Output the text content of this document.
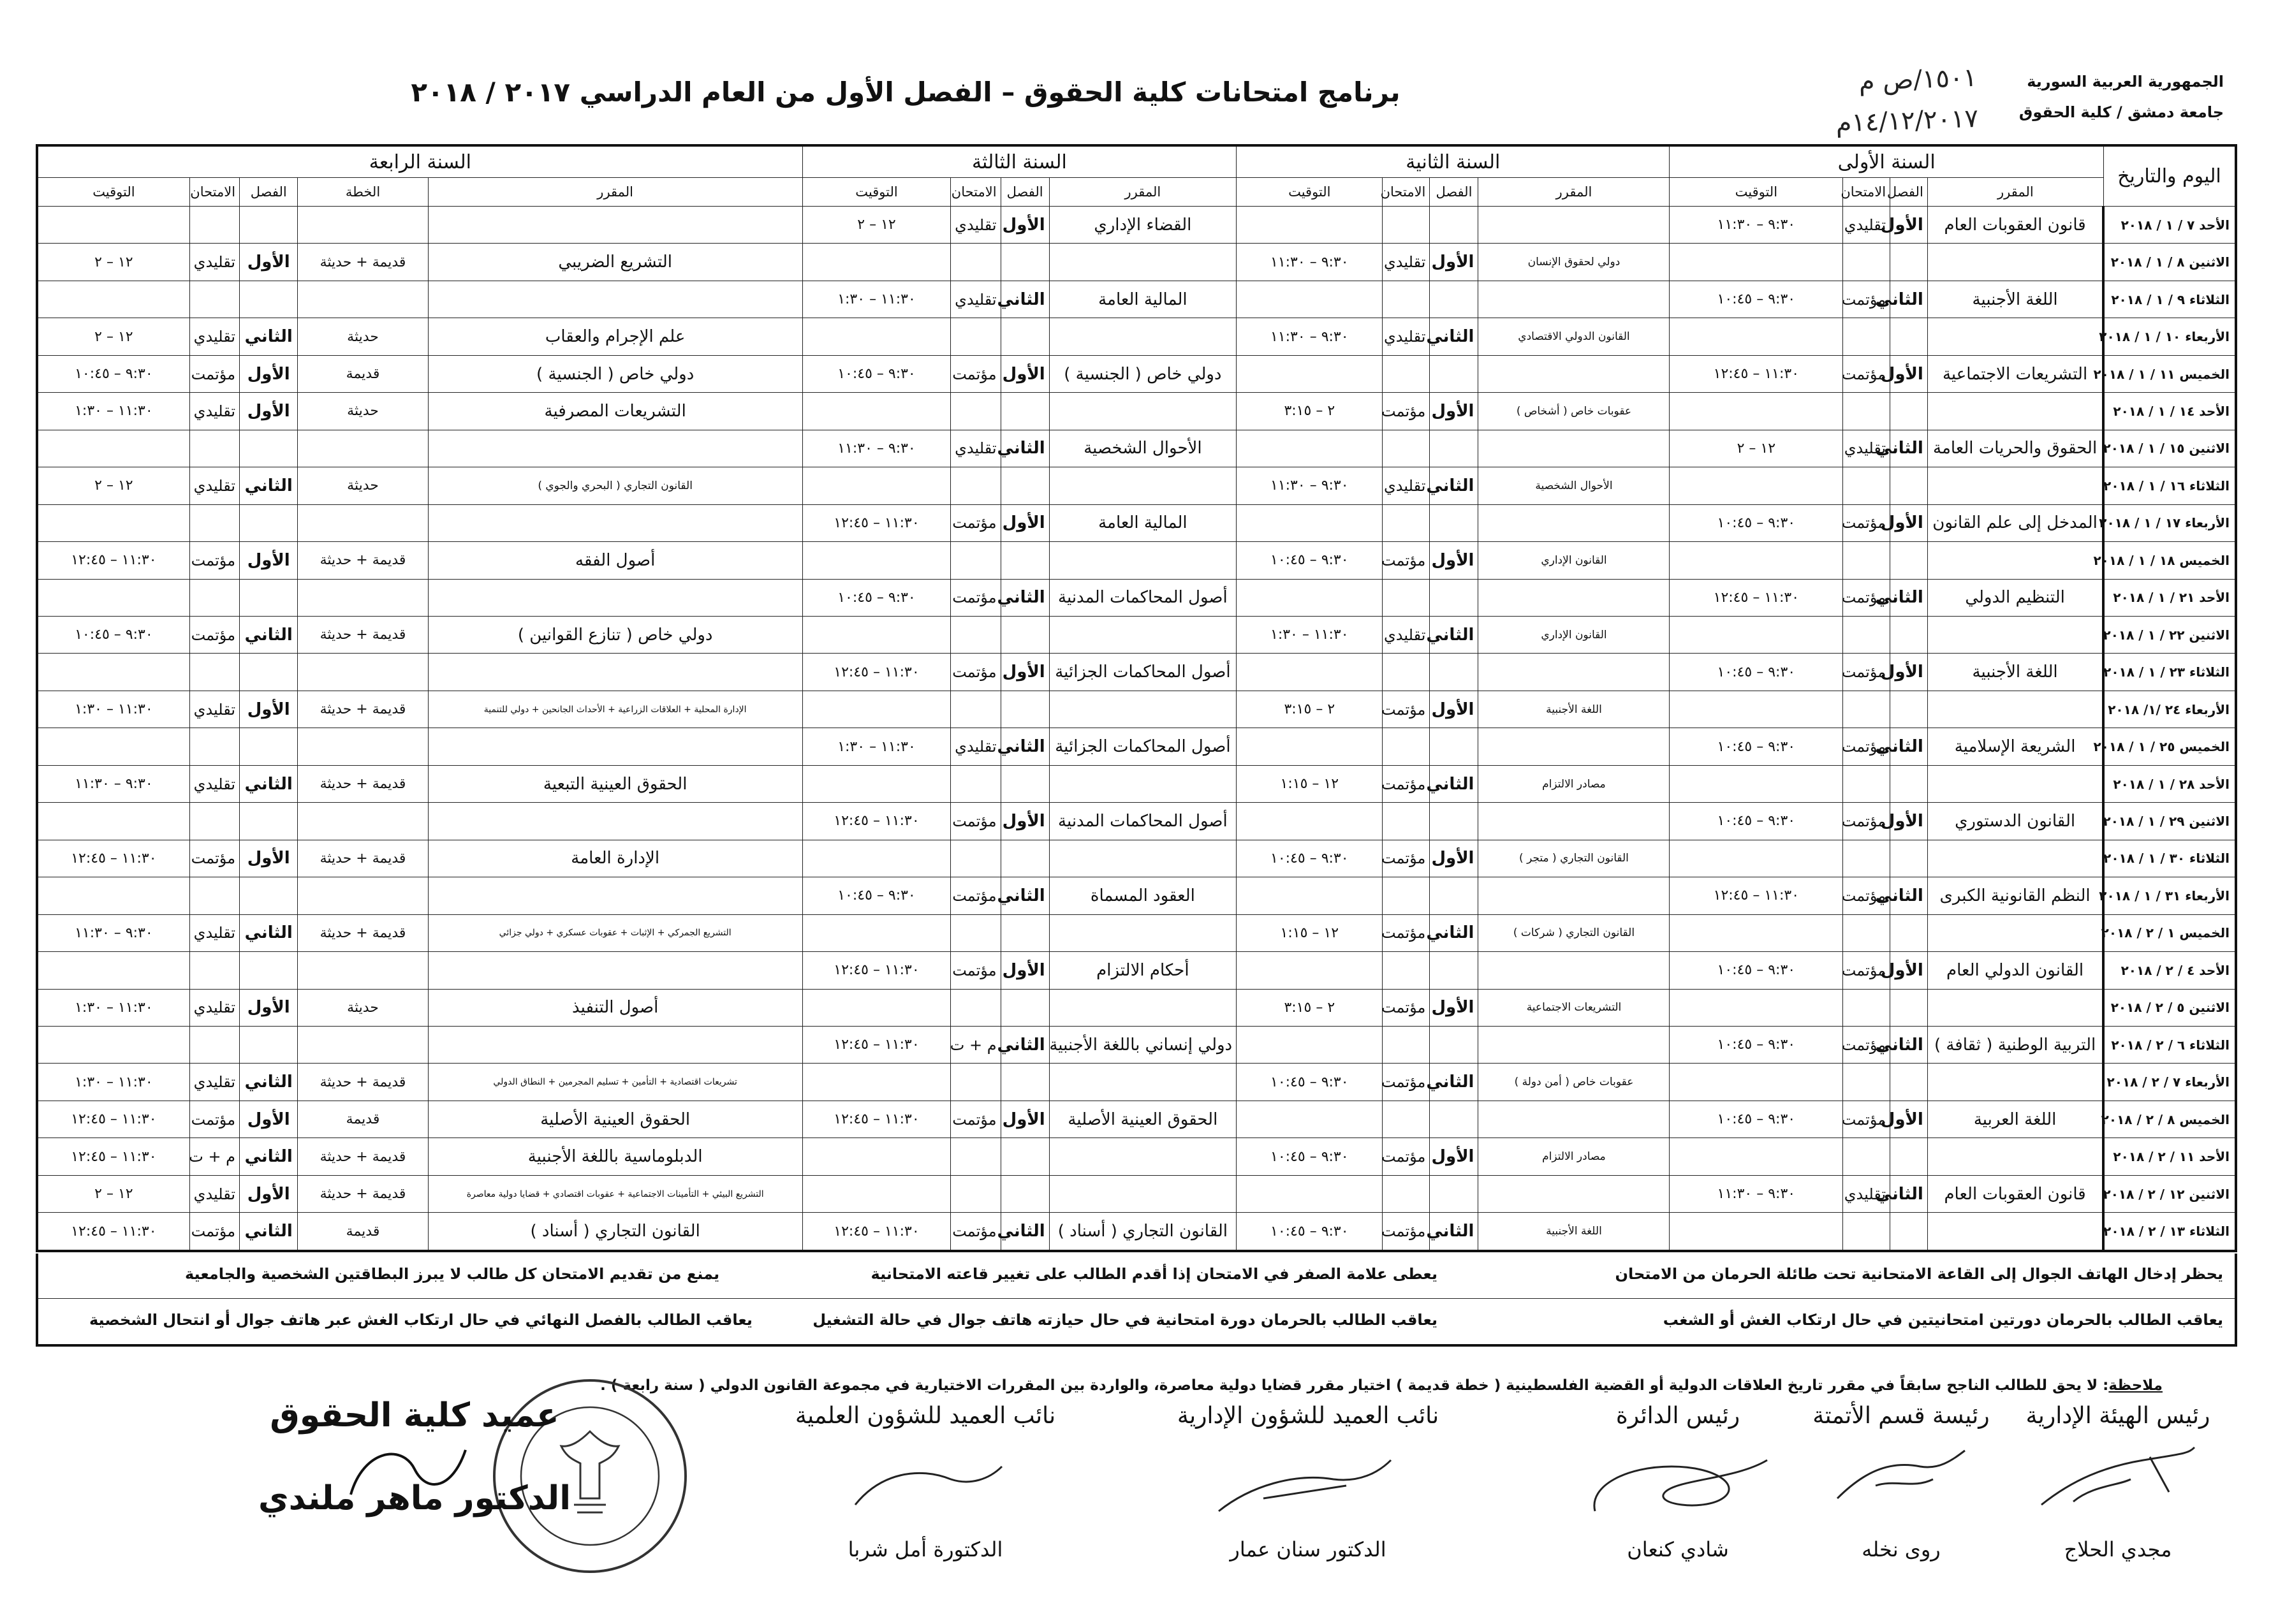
الجمهورية العربية السورية
جامعة دمشق / كلية الحقوق
١٥٠١/ص م
١٤/١٢/٢٠١٧م
برنامج امتحانات كلية الحقوق – الفصل الأول من العام الدراسي ٢٠١٧ / ٢٠١٨
اليوم والتاريخ	السنة الأولى				السنة الثانية				السنة الثالثة				السنة الرابعة				
	المقرر	الفصل	الامتحان	التوقيت	المقرر	الفصل	الامتحان	التوقيت	المقرر	الفصل	الامتحان	التوقيت	المقرر	الخطة	الفصل	الامتحان	التوقيت
الأحد ٧ / ١ / ٢٠١٨	قانون العقوبات العام	الأول	تقليدي	٩:٣٠ – ١١:٣٠					القضاء الإداري	الأول	تقليدي	١٢ – ٢					
الاثنين ٨ / ١ / ٢٠١٨					دولي لحقوق الإنسان	الأول	تقليدي	٩:٣٠ – ١١:٣٠					التشريع الضريبي	قديمة + حديثة	الأول	تقليدي	١٢ – ٢
الثلاثاء ٩ / ١ / ٢٠١٨	اللغة الأجنبية	الثاني	مؤتمت	٩:٣٠ – ١٠:٤٥					المالية العامة	الثاني	تقليدي	١١:٣٠ – ١:٣٠					
الأربعاء ١٠ / ١ / ٢٠١٨					القانون الدولي الاقتصادي	الثاني	تقليدي	٩:٣٠ – ١١:٣٠					علم الإجرام والعقاب	حديثة	الثاني	تقليدي	١٢ – ٢
الخميس ١١ / ١ / ٢٠١٨	التشريعات الاجتماعية	الأول	مؤتمت	١١:٣٠ – ١٢:٤٥					دولي خاص ( الجنسية )	الأول	مؤتمت	٩:٣٠ – ١٠:٤٥	دولي خاص ( الجنسية )	قديمة	الأول	مؤتمت	٩:٣٠ – ١٠:٤٥
الأحد ١٤ / ١ / ٢٠١٨					عقوبات خاص ( أشخاص )	الأول	مؤتمت	٢ – ٣:١٥					التشريعات المصرفية	حديثة	الأول	تقليدي	١١:٣٠ – ١:٣٠
الاثنين ١٥ / ١ / ٢٠١٨	الحقوق والحريات العامة	الثاني	تقليدي	١٢ – ٢					الأحوال الشخصية	الثاني	تقليدي	٩:٣٠ – ١١:٣٠					
الثلاثاء ١٦ / ١ / ٢٠١٨					الأحوال الشخصية	الثاني	تقليدي	٩:٣٠ – ١١:٣٠					القانون التجاري ( البحري والجوي )	حديثة	الثاني	تقليدي	١٢ – ٢
الأربعاء ١٧ / ١ / ٢٠١٨	المدخل إلى علم القانون	الأول	مؤتمت	٩:٣٠ – ١٠:٤٥					المالية العامة	الأول	مؤتمت	١١:٣٠ – ١٢:٤٥					
الخميس ١٨ / ١ / ٢٠١٨					القانون الإداري	الأول	مؤتمت	٩:٣٠ – ١٠:٤٥					أصول الفقه	قديمة + حديثة	الأول	مؤتمت	١١:٣٠ – ١٢:٤٥
الأحد ٢١ / ١ / ٢٠١٨	التنظيم الدولي	الثاني	مؤتمت	١١:٣٠ – ١٢:٤٥					أصول المحاكمات المدنية	الثاني	مؤتمت	٩:٣٠ – ١٠:٤٥					
الاثنين ٢٢ / ١ / ٢٠١٨					القانون الإداري	الثاني	تقليدي	١١:٣٠ – ١:٣٠					دولي خاص ( تنازع القوانين )	قديمة + حديثة	الثاني	مؤتمت	٩:٣٠ – ١٠:٤٥
الثلاثاء ٢٣ / ١ / ٢٠١٨	اللغة الأجنبية	الأول	مؤتمت	٩:٣٠ – ١٠:٤٥					أصول المحاكمات الجزائية	الأول	مؤتمت	١١:٣٠ – ١٢:٤٥					
الأربعاء ٢٤ /١/ ٢٠١٨					اللغة الأجنبية	الأول	مؤتمت	٢ – ٣:١٥					الإدارة المحلية + العلاقات الزراعية + الأحداث الجانحين + دولي للتنمية	قديمة + حديثة	الأول	تقليدي	١١:٣٠ – ١:٣٠
الخميس ٢٥ / ١ / ٢٠١٨	الشريعة الإسلامية	الثاني	مؤتمت	٩:٣٠ – ١٠:٤٥					أصول المحاكمات الجزائية	الثاني	تقليدي	١١:٣٠ – ١:٣٠					
الأحد ٢٨ / ١ / ٢٠١٨					مصادر الالتزام	الثاني	مؤتمت	١٢ – ١:١٥					الحقوق العينية التبعية	قديمة + حديثة	الثاني	تقليدي	٩:٣٠ – ١١:٣٠
الاثنين ٢٩ / ١ / ٢٠١٨	القانون الدستوري	الأول	مؤتمت	٩:٣٠ – ١٠:٤٥					أصول المحاكمات المدنية	الأول	مؤتمت	١١:٣٠ – ١٢:٤٥					
الثلاثاء ٣٠ / ١ / ٢٠١٨					القانون التجاري ( متجر )	الأول	مؤتمت	٩:٣٠ – ١٠:٤٥					الإدارة العامة	قديمة + حديثة	الأول	مؤتمت	١١:٣٠ – ١٢:٤٥
الأربعاء ٣١ / ١ / ٢٠١٨	النظم القانونية الكبرى	الثاني	مؤتمت	١١:٣٠ – ١٢:٤٥					العقود المسماة	الثاني	مؤتمت	٩:٣٠ – ١٠:٤٥					
الخميس ١ / ٢ / ٢٠١٨					القانون التجاري ( شركات )	الثاني	مؤتمت	١٢ – ١:١٥					التشريع الجمركي + الإثبات + عقوبات عسكري + دولي جزائي	قديمة + حديثة	الثاني	تقليدي	٩:٣٠ – ١١:٣٠
الأحد ٤ / ٢ / ٢٠١٨	القانون الدولي العام	الأول	مؤتمت	٩:٣٠ – ١٠:٤٥					أحكام الالتزام	الأول	مؤتمت	١١:٣٠ – ١٢:٤٥					
الاثنين ٥ / ٢ / ٢٠١٨					التشريعات الاجتماعية	الأول	مؤتمت	٢ – ٣:١٥					أصول التنفيذ	حديثة	الأول	تقليدي	١١:٣٠ – ١:٣٠
الثلاثاء ٦ / ٢ / ٢٠١٨	التربية الوطنية ( ثقافة )	الثاني	مؤتمت	٩:٣٠ – ١٠:٤٥					دولي إنساني باللغة الأجنبية	الثاني	م + ت	١١:٣٠ – ١٢:٤٥					
الأربعاء ٧ / ٢ / ٢٠١٨					عقوبات خاص ( أمن دولة )	الثاني	مؤتمت	٩:٣٠ – ١٠:٤٥					تشريعات اقتصادية + التأمين + تسليم المجرمين + النطاق الدولي	قديمة + حديثة	الثاني	تقليدي	١١:٣٠ – ١:٣٠
الخميس ٨ / ٢ / ٢٠١٨	اللغة العربية	الأول	مؤتمت	٩:٣٠ – ١٠:٤٥					الحقوق العينية الأصلية	الأول	مؤتمت	١١:٣٠ – ١٢:٤٥	الحقوق العينية الأصلية	قديمة	الأول	مؤتمت	١١:٣٠ – ١٢:٤٥
الأحد ١١ / ٢ / ٢٠١٨					مصادر الالتزام	الأول	مؤتمت	٩:٣٠ – ١٠:٤٥					الدبلوماسية باللغة الأجنبية	قديمة + حديثة	الثاني	م + ت	١١:٣٠ – ١٢:٤٥
الاثنين ١٢ / ٢ / ٢٠١٨	قانون العقوبات العام	الثاني	تقليدي	٩:٣٠ – ١١:٣٠									التشريع البيئي + التأمينات الاجتماعية + عقوبات اقتصادي + قضايا دولية معاصرة	قديمة + حديثة	الأول	تقليدي	١٢ – ٢
الثلاثاء ١٣ / ٢ / ٢٠١٨					اللغة الأجنبية	الثاني	مؤتمت	٩:٣٠ – ١٠:٤٥	القانون التجاري ( أسناد )	الثاني	مؤتمت	١١:٣٠ – ١٢:٤٥	القانون التجاري ( أسناد )	قديمة	الثاني	مؤتمت	١١:٣٠ – ١٢:٤٥
يحظر إدخال الهاتف الجوال إلى القاعة الامتحانية تحت طائلة الحرمان من الامتحان
يعطى علامة الصفر في الامتحان إذا أقدم الطالب على تغيير قاعته الامتحانية
يمنع من تقديم الامتحان كل طالب لا يبرز البطاقتين الشخصية والجامعية
يعاقب الطالب بالحرمان دورتين امتحانيتين في حال ارتكاب الغش أو الشغب
يعاقب الطالب بالحرمان دورة امتحانية في حال حيازته هاتف جوال في حالة التشغيل
يعاقب الطالب بالفصل النهائي في حال ارتكاب الغش عبر هاتف جوال أو انتحال الشخصية
ملاحظة: لا يحق للطالب الناجح سابقاً في مقرر تاريخ العلاقات الدولية أو القضية الفلسطينية ( خطة قديمة ) اختيار مقرر قضايا دولية معاصرة، والواردة بين المقررات الاختيارية في مجموعة القانون الدولي ( سنة رابعة ) .
رئيس الهيئة الإدارية
مجدي الحلاج
رئيسة قسم الأتمتة
روى نخله
رئيس الدائرة
شادي كنعان
نائب العميد للشؤون الإدارية
الدكتور سنان عمار
نائب العميد للشؤون العلمية
الدكتورة أمل شربا
عميد كلية الحقوق
الدكتور ماهر ملندي
